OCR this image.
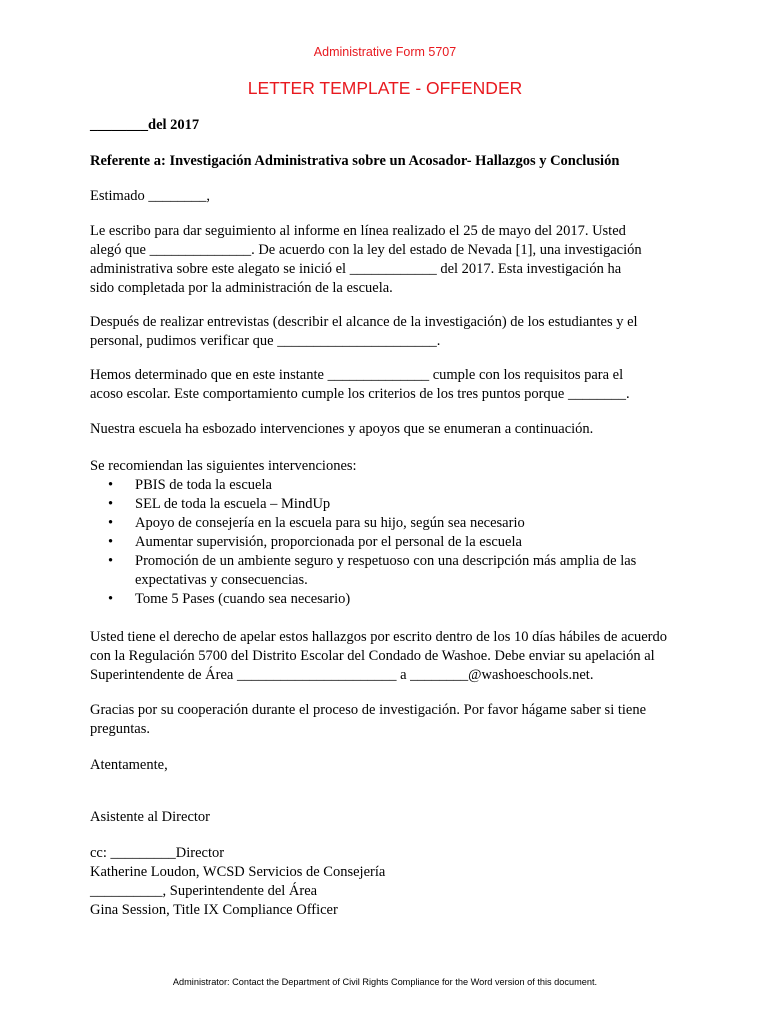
Administrative Form 5707
LETTER TEMPLATE - OFFENDER
________del 2017
Referente a: Investigación Administrativa sobre un Acosador- Hallazgos y Conclusión
Estimado ________,
Le escribo para dar seguimiento al informe en línea realizado el 25 de mayo del 2017. Usted
alegó que ______________. De acuerdo con la ley del estado de Nevada [1], una investigación
administrativa sobre este alegato se inició el ____________ del 2017. Esta investigación ha
sido completada por la administración de la escuela.
Después de realizar entrevistas (describir el alcance de la investigación) de los estudiantes y el
personal, pudimos verificar que ______________________.
Hemos determinado que en este instante ______________ cumple con los requisitos para el
acoso escolar. Este comportamiento cumple los criterios de los tres puntos porque ________.
Nuestra escuela ha esbozado intervenciones y apoyos que se enumeran a continuación.
Se recomiendan las siguientes intervenciones:
• PBIS de toda la escuela
• SEL de toda la escuela – MindUp
• Apoyo de consejería en la escuela para su hijo, según sea necesario
• Aumentar supervisión, proporcionada por el personal de la escuela
• Promoción de un ambiente seguro y respetuoso con una descripción más amplia de las expectativas y consecuencias.
• Tome 5 Pases (cuando sea necesario)
Usted tiene el derecho de apelar estos hallazgos por escrito dentro de los 10 días hábiles de acuerdo
con la Regulación 5700 del Distrito Escolar del Condado de Washoe. Debe enviar su apelación al
Superintendente de Área ______________________ a ________@washoeschools.net.
Gracias por su cooperación durante el proceso de investigación. Por favor hágame saber si tiene
preguntas.
Atentamente,
Asistente al Director
cc: _________Director
Katherine Loudon, WCSD Servicios de Consejería
__________, Superintendente del Área
Gina Session, Title IX Compliance Officer
Administrator: Contact the Department of Civil Rights Compliance for the Word version of this document.
